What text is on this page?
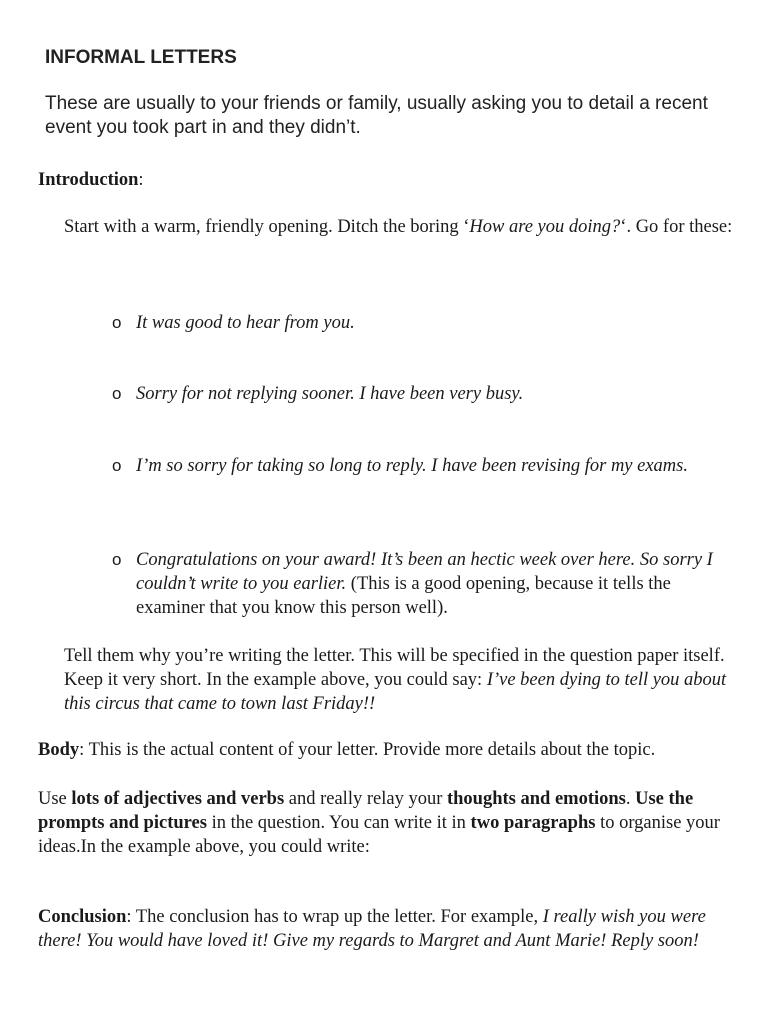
INFORMAL LETTERS
These are usually to your friends or family, usually asking you to detail a recent event you took part in and they didn’t.
Introduction:
Start with a warm, friendly opening. Ditch the boring ‘How are you doing?‘. Go for these:
o It was good to hear from you.
o Sorry for not replying sooner. I have been very busy.
o I’m so sorry for taking so long to reply. I have been revising for my exams.
o Congratulations on your award! It’s been an hectic week over here. So sorry I couldn’t write to you earlier. (This is a good opening, because it tells the examiner that you know this person well).
Tell them why you’re writing the letter. This will be specified in the question paper itself. Keep it very short. In the example above, you could say: I’ve been dying to tell you about this circus that came to town last Friday!!
Body: This is the actual content of your letter. Provide more details about the topic.
Use lots of adjectives and verbs and really relay your thoughts and emotions. Use the prompts and pictures in the question. You can write it in two paragraphs to organise your ideas.In the example above, you could write:
Conclusion: The conclusion has to wrap up the letter. For example, I really wish you were there! You would have loved it! Give my regards to Margret and Aunt Marie! Reply soon!
